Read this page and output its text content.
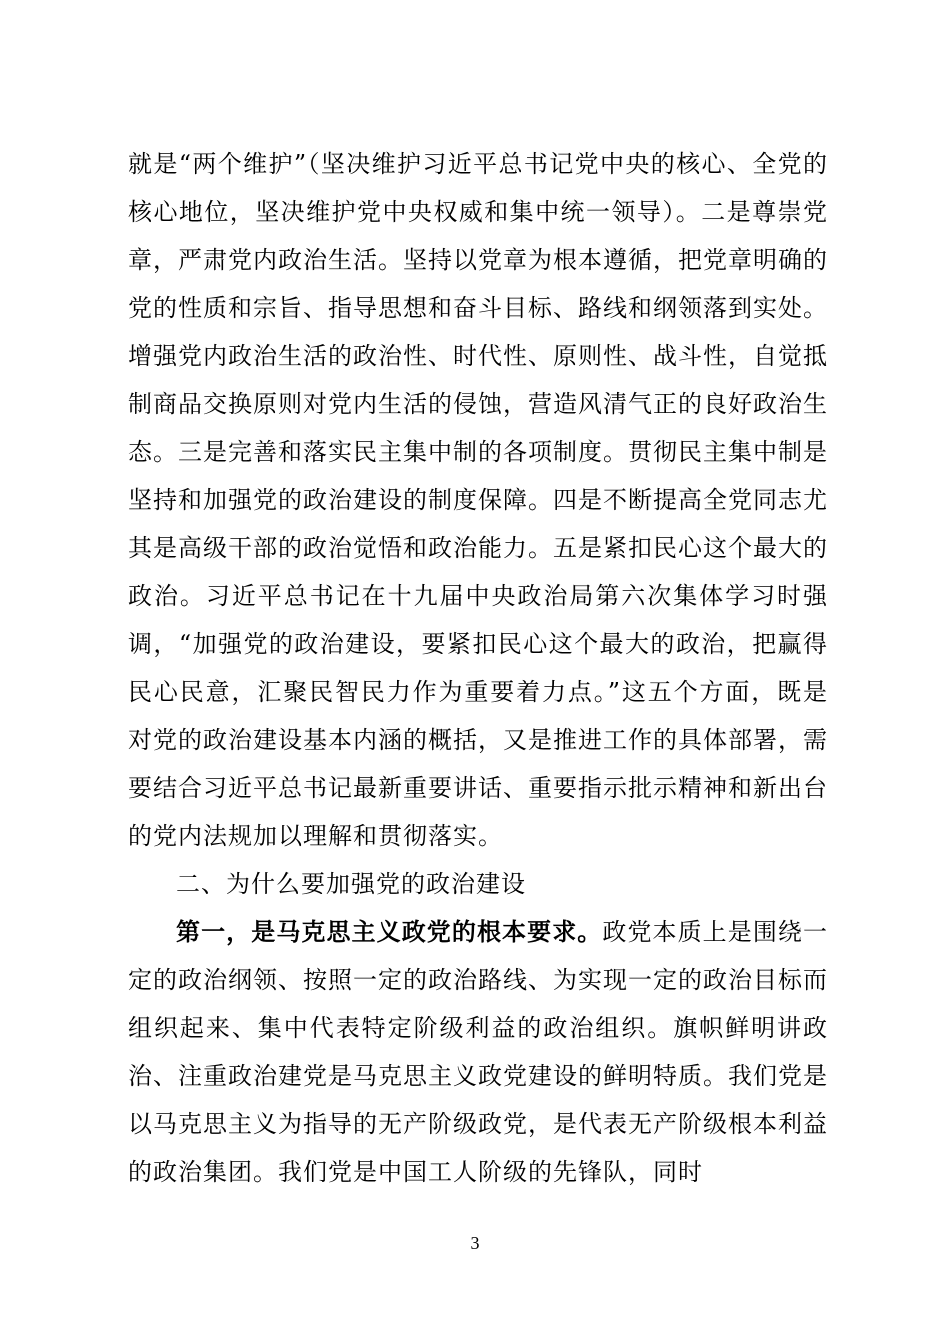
就是“两个维护”（坚决维护习近平总书记党中央的核心、全党的核心地位，坚决维护党中央权威和集中统一领导）。二是尊崇党章，严肃党内政治生活。坚持以党章为根本遵循，把党章明确的党的性质和宗旨、指导思想和奋斗目标、路线和纲领落到实处。增强党内政治生活的政治性、时代性、原则性、战斗性，自觉抵制商品交换原则对党内生活的侵蚀，营造风清气正的良好政治生态。三是完善和落实民主集中制的各项制度。贯彻民主集中制是坚持和加强党的政治建设的制度保障。四是不断提高全党同志尤其是高级干部的政治觉悟和政治能力。五是紧扣民心这个最大的政治。习近平总书记在十九届中央政治局第六次集体学习时强调，“加强党的政治建设，要紧扣民心这个最大的政治，把赢得民心民意，汇聚民智民力作为重要着力点。”这五个方面，既是对党的政治建设基本内涵的概括，又是推进工作的具体部署，需要结合习近平总书记最新重要讲话、重要指示批示精神和新出台的党内法规加以理解和贯彻落实。

二、为什么要加强党的政治建设

第一，是马克思主义政党的根本要求。政党本质上是围绕一定的政治纲领、按照一定的政治路线、为实现一定的政治目标而组织起来、集中代表特定阶级利益的政治组织。旗帜鲜明讲政治、注重政治建党是马克思主义政党建设的鲜明特质。我们党是以马克思主义为指导的无产阶级政党，是代表无产阶级根本利益的政治集团。我们党是中国工人阶级的先锋队，同时

3
